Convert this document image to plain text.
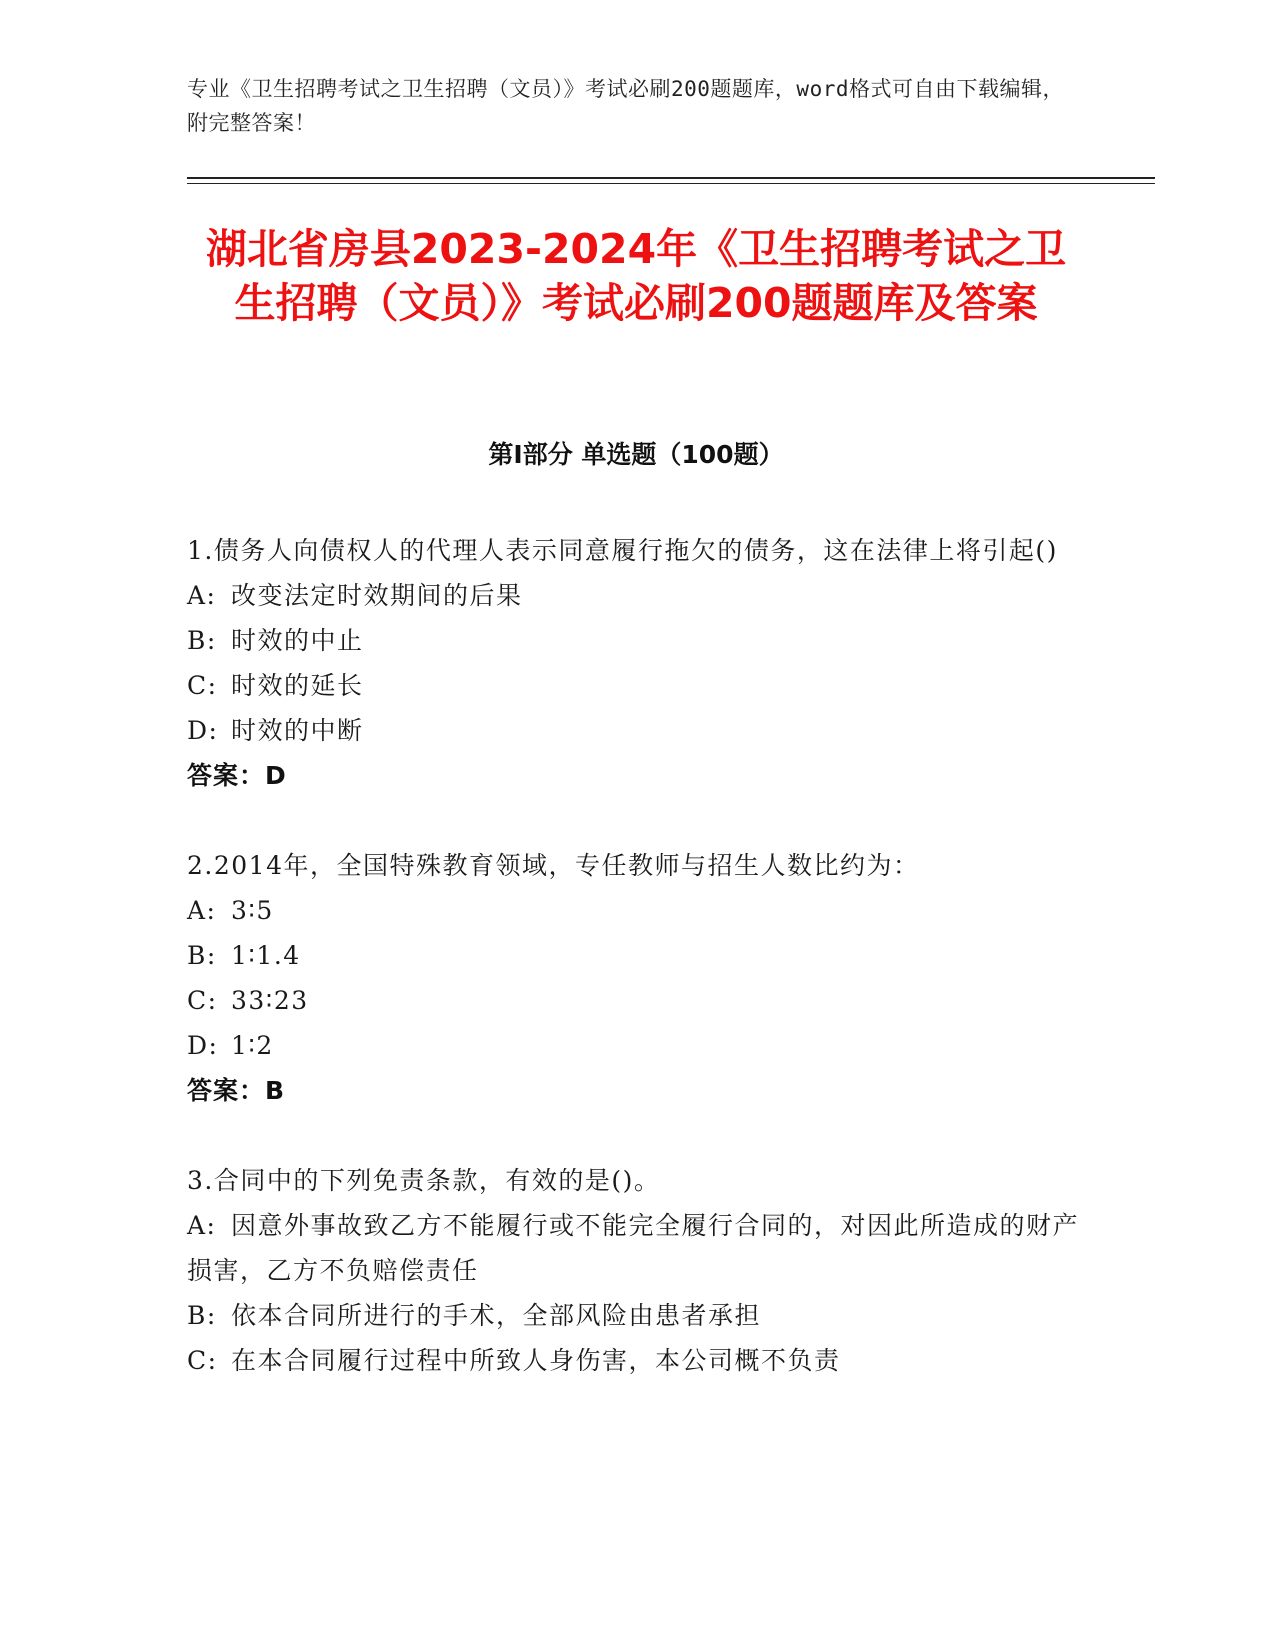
专业《卫生招聘考试之卫生招聘（文员）》考试必刷200题题库，word格式可自由下载编辑，附完整答案！
湖北省房县2023-2024年《卫生招聘考试之卫生招聘（文员）》考试必刷200题题库及答案
第Ⅰ部分 单选题（100题）
1.债务人向债权人的代理人表示同意履行拖欠的债务，这在法律上将引起()
A: 改变法定时效期间的后果
B: 时效的中止
C: 时效的延长
D: 时效的中断
答案：D
2.2014年，全国特殊教育领域，专任教师与招生人数比约为：
A: 3∶5
B: 1∶1.4
C: 33∶23
D: 1∶2
答案：B
3.合同中的下列免责条款，有效的是()。
A: 因意外事故致乙方不能履行或不能完全履行合同的，对因此所造成的财产损害，乙方不负赔偿责任
B: 依本合同所进行的手术，全部风险由患者承担
C: 在本合同履行过程中所致人身伤害，本公司概不负责
